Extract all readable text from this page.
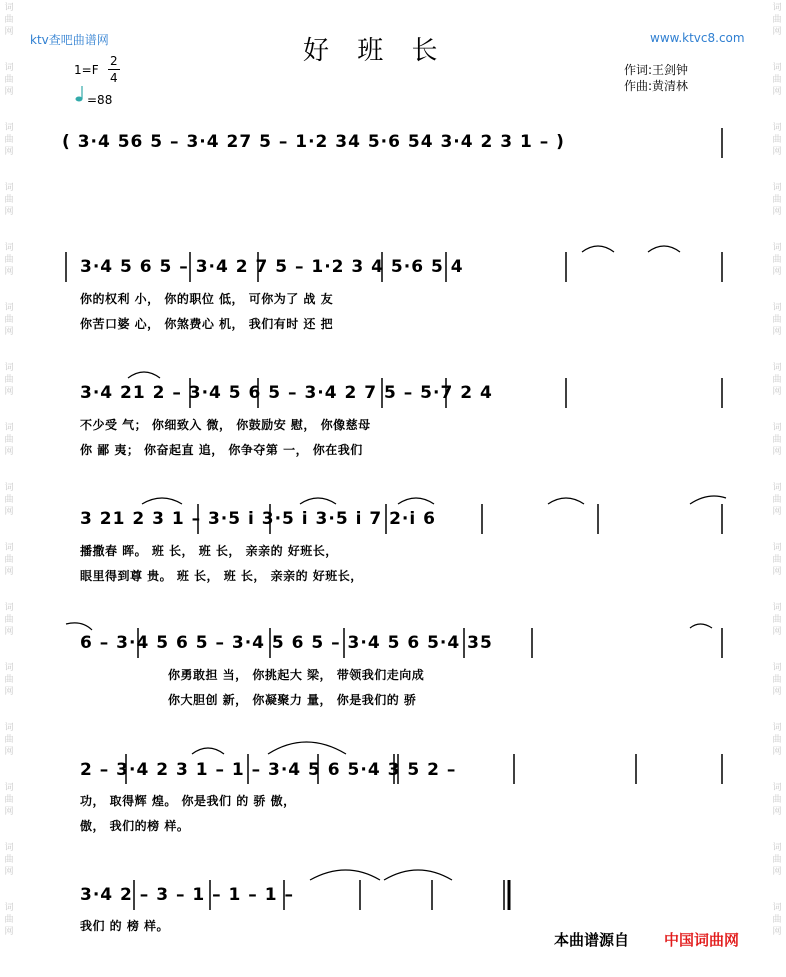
词曲网
词曲网
词曲网
词曲网
词曲网
词曲网
词曲网
词曲网
词曲网
词曲网
词曲网
词曲网
词曲网
词曲网
词曲网
词曲网
词曲网
词曲网
词曲网
词曲网
词曲网
词曲网
词曲网
词曲网
词曲网
词曲网
词曲网
词曲网
词曲网
词曲网
词曲网
词曲网
ktv查吧曲谱网	好 班 长	www.ktvc8.com
1=F
2
4
=88
作词:王剑钟
作曲:黄清林
( 3·4 56 5 – 3·4 27 5 – 1·2 34 5·6 54 3·4 2 3 1 – )
3·4 5 6 5 – 3·4 2 7 5 – 1·2 3 4 5·6 5 4
你的权利 小， 你的职位 低， 可你为了 战 友
你苦口婆 心， 你煞费心 机， 我们有时 还 把
3·4 21 2 – 3·4 5 6 5 – 3·4 2 7 5 – 5·7 2 4
不少受 气； 你细致入 微， 你鼓励安 慰， 你像慈母
你 鄙 夷； 你奋起直 追， 你争夺第 一， 你在我们
3 21 2 3 1 – 3·5 i 3·5 i 3·5 i 7 2·i 6
播撒春 晖。 班 长， 班 长， 亲亲的 好班长，
眼里得到尊 贵。 班 长， 班 长， 亲亲的 好班长，
6 – 3·4 5 6 5 – 3·4 5 6 5 – 3·4 5 6 5·4 35
你勇敢担 当， 你挑起大 梁， 带领我们走向成
你大胆创 新， 你凝聚力 量， 你是我们的 骄
2 – 3·4 2 3 1 – 1 – 3·4 5 6 5·4 3 5 2 –
功， 取得辉 煌。 你是我们 的 骄 傲，
傲， 我们的榜 样。
3·4 2 – 3 – 1 – 1 – 1 –
我们 的 榜 样。
本曲谱源自 中国词曲网
